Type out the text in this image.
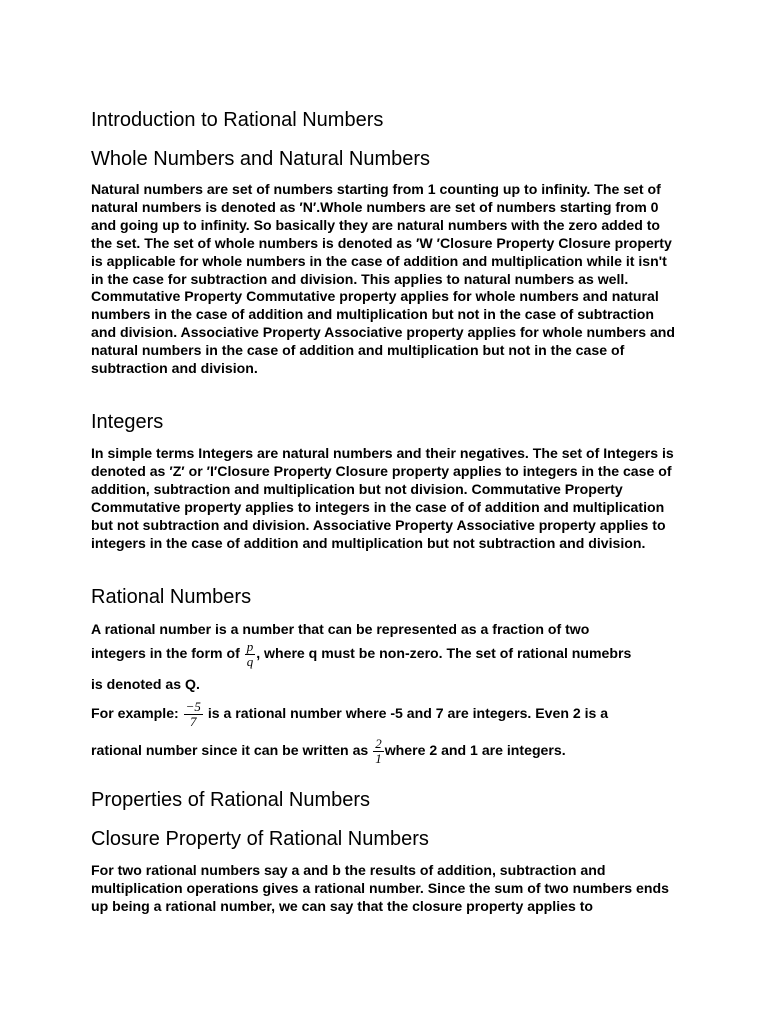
Introduction to Rational Numbers
Whole Numbers and Natural Numbers

Natural numbers are set of numbers starting from 1 counting up to infinity. The set of natural numbers is denoted as ′N′.Whole numbers are set of numbers starting from 0 and going up to infinity. So basically they are natural numbers with the zero added to the set. The set of whole numbers is denoted as ′W ′Closure Property Closure property is applicable for whole numbers in the case of addition and multiplication while it isn't in the case for subtraction and division. This applies to natural numbers as well. Commutative Property Commutative property applies for whole numbers and natural numbers in the case of addition and multiplication but not in the case of subtraction and division. Associative Property Associative property applies for whole numbers and natural numbers in the case of addition and multiplication but not in the case of subtraction and division.

Integers

In simple terms Integers are natural numbers and their negatives. The set of Integers is denoted as ′Z′ or ′I′Closure Property Closure property applies to integers in the case of addition, subtraction and multiplication but not division. Commutative Property Commutative property applies to integers in the case of of addition and multiplication but not subtraction and division. Associative Property Associative property applies to integers in the case of addition and multiplication but not subtraction and division.

Rational Numbers
A rational number is a number that can be represented as a fraction of two
integers in the form of $\frac{p}{q}$ , where q must be non-zero. The set of rational numebrs
is denoted as Q.
For example: $\frac{-5}{7}$ is a rational number where -5 and 7 are integers. Even 2 is a
rational number since it can be written as $\frac{2}{1}$ where 2 and 1 are integers.
Properties of Rational Numbers
Closure Property of Rational Numbers

For two rational numbers say a and b the results of addition, subtraction and multiplication operations gives a rational number. Since the sum of two numbers ends up being a rational number, we can say that the closure property applies to
